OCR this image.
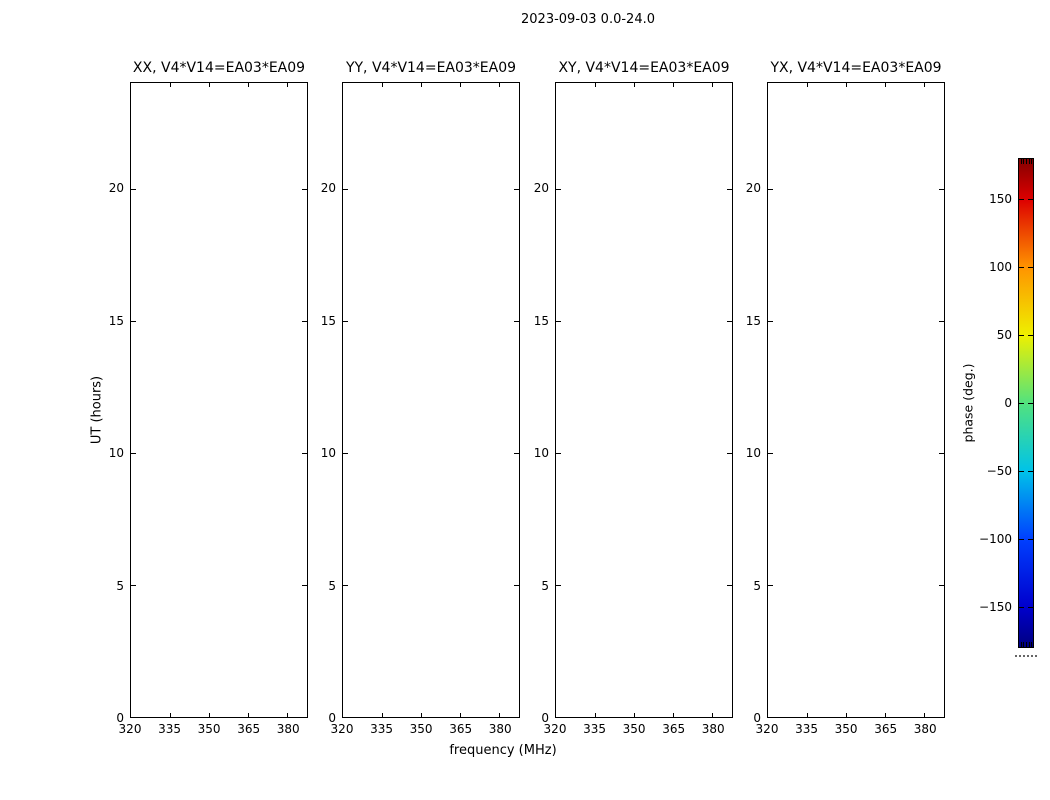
2023-09-03 0.0-24.0
UT (hours)
frequency (MHz)
XX, V4*V14=EA03*EA09
320 335 350 365 380
0
5
10
15
20
YY, V4*V14=EA03*EA09
320 335 350 365 380
0
5
10
15
20
XY, V4*V14=EA03*EA09
320 335 350 365 380
0
5
10
15
20
YX, V4*V14=EA03*EA09
320 335 350 365 380
0
5
10
15
20
phase (deg.)
−150
−100
−50
0
50
100
150
